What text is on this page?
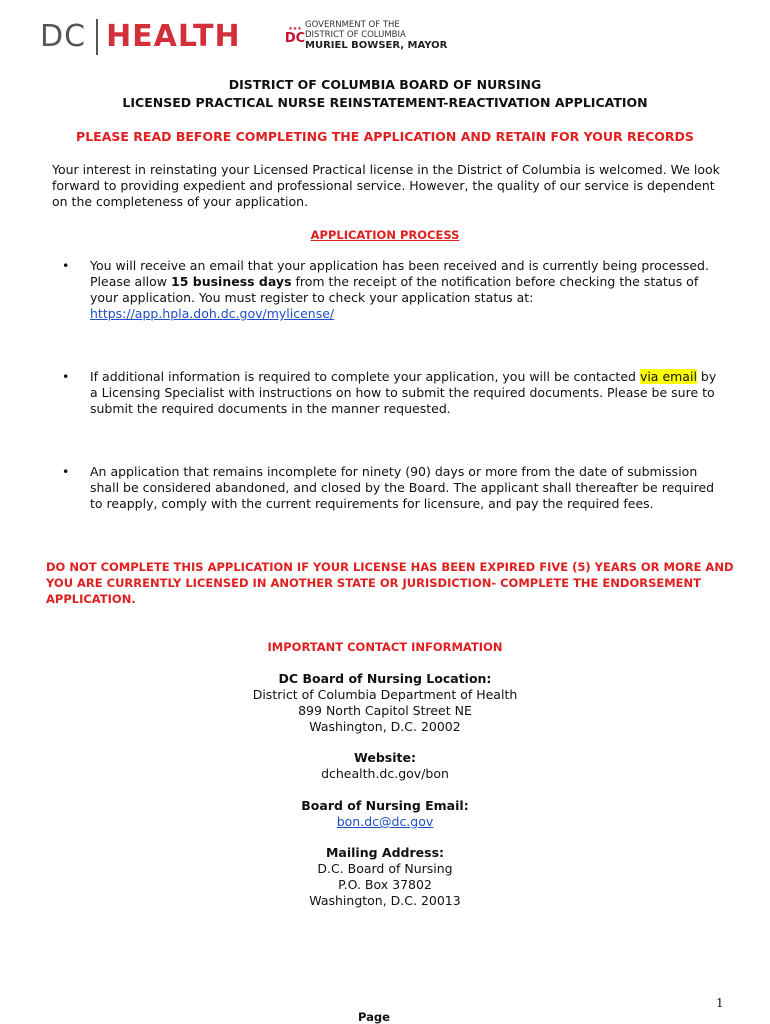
DC HEALTH	★★★
DC
GOVERNMENT OF THE
DISTRICT OF COLUMBIA
MURIEL BOWSER, MAYOR
DISTRICT OF COLUMBIA BOARD OF NURSING
LICENSED PRACTICAL NURSE REINSTATEMENT-REACTIVATION APPLICATION
PLEASE READ BEFORE COMPLETING THE APPLICATION AND RETAIN FOR YOUR RECORDS
Your interest in reinstating your Licensed Practical license in the District of Columbia is welcomed. We look forward to providing expedient and professional service. However, the quality of our service is dependent on the completeness of your application.
APPLICATION PROCESS
•	You will receive an email that your application has been received and is currently being processed. Please allow 15 business days from the receipt of the notification before checking the status of your application. You must register to check your application status at:
https://app.hpla.doh.dc.gov/mylicense/
•	If additional information is required to complete your application, you will be contacted via email by a Licensing Specialist with instructions on how to submit the required documents. Please be sure to submit the required documents in the manner requested.
•	An application that remains incomplete for ninety (90) days or more from the date of submission shall be considered abandoned, and closed by the Board. The applicant shall thereafter be required to reapply, comply with the current requirements for licensure, and pay the required fees.
DO NOT COMPLETE THIS APPLICATION IF YOUR LICENSE HAS BEEN EXPIRED FIVE (5) YEARS OR MORE AND YOU ARE CURRENTLY LICENSED IN ANOTHER STATE OR JURISDICTION- COMPLETE THE ENDORSEMENT APPLICATION.
IMPORTANT CONTACT INFORMATION
DC Board of Nursing Location:
District of Columbia Department of Health
899 North Capitol Street NE
Washington, D.C. 20002
Website:
dchealth.dc.gov/bon
Board of Nursing Email:
bon.dc@dc.gov
Mailing Address:
D.C. Board of Nursing
P.O. Box 37802
Washington, D.C. 20013
1
Page
